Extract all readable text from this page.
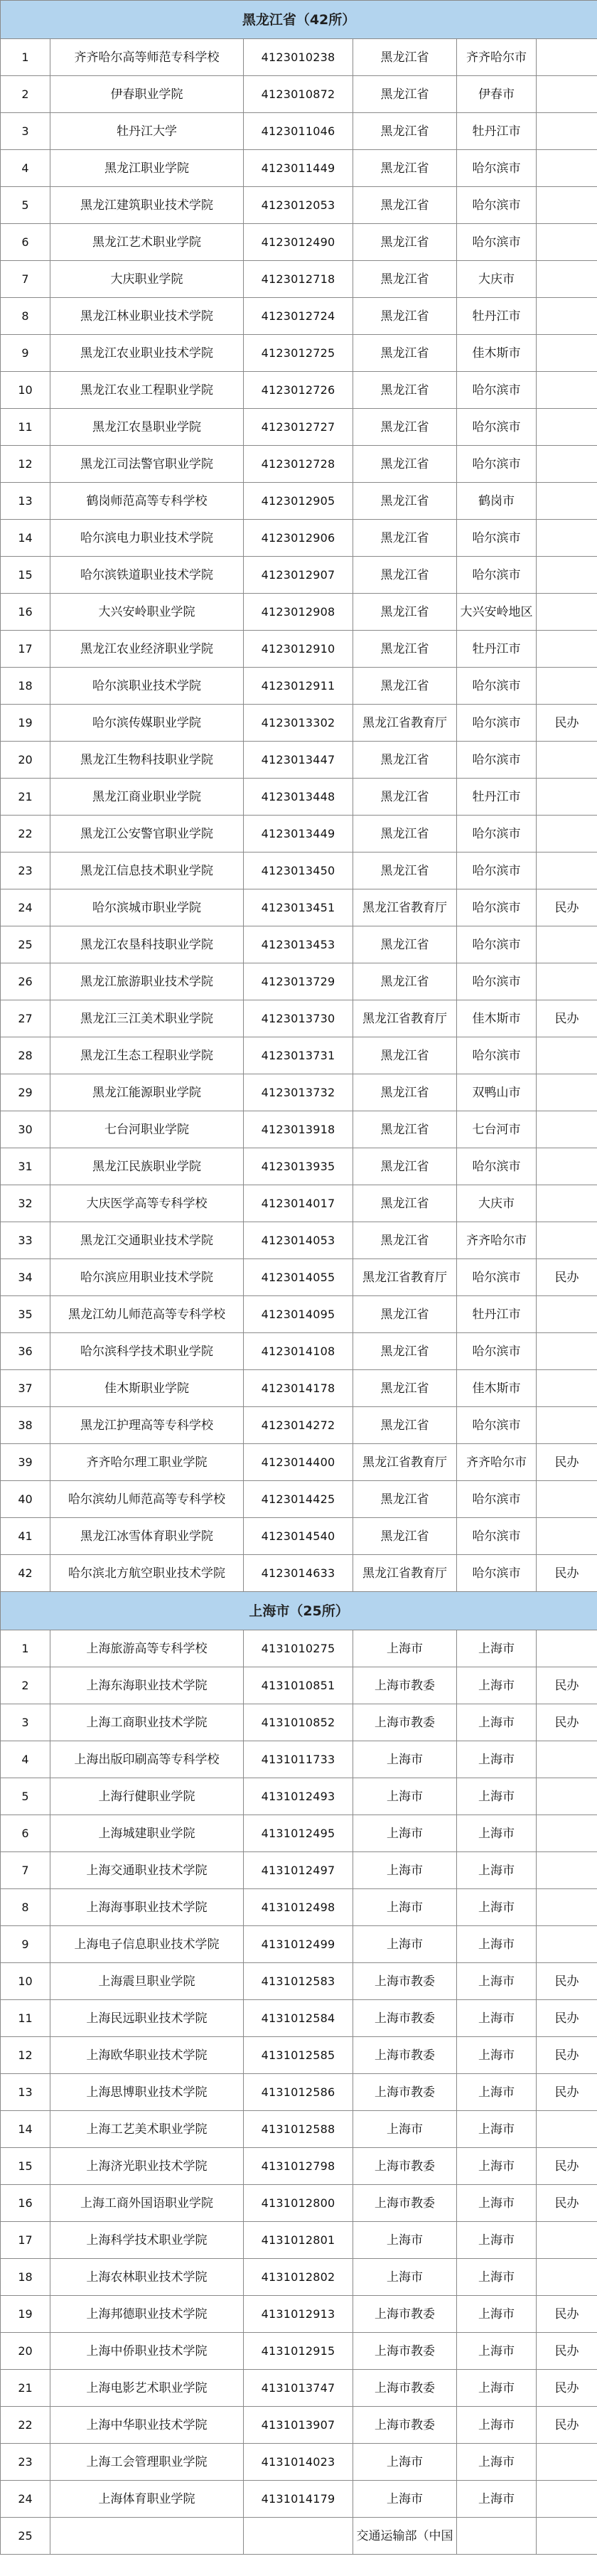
黑龙江省（42所）					
1	齐齐哈尔高等师范专科学校	4123010238	黑龙江省	齐齐哈尔市	
2	伊春职业学院	4123010872	黑龙江省	伊春市	
3	牡丹江大学	4123011046	黑龙江省	牡丹江市	
4	黑龙江职业学院	4123011449	黑龙江省	哈尔滨市	
5	黑龙江建筑职业技术学院	4123012053	黑龙江省	哈尔滨市	
6	黑龙江艺术职业学院	4123012490	黑龙江省	哈尔滨市	
7	大庆职业学院	4123012718	黑龙江省	大庆市	
8	黑龙江林业职业技术学院	4123012724	黑龙江省	牡丹江市	
9	黑龙江农业职业技术学院	4123012725	黑龙江省	佳木斯市	
10	黑龙江农业工程职业学院	4123012726	黑龙江省	哈尔滨市	
11	黑龙江农垦职业学院	4123012727	黑龙江省	哈尔滨市	
12	黑龙江司法警官职业学院	4123012728	黑龙江省	哈尔滨市	
13	鹤岗师范高等专科学校	4123012905	黑龙江省	鹤岗市	
14	哈尔滨电力职业技术学院	4123012906	黑龙江省	哈尔滨市	
15	哈尔滨铁道职业技术学院	4123012907	黑龙江省	哈尔滨市	
16	大兴安岭职业学院	4123012908	黑龙江省	大兴安岭地区	
17	黑龙江农业经济职业学院	4123012910	黑龙江省	牡丹江市	
18	哈尔滨职业技术学院	4123012911	黑龙江省	哈尔滨市	
19	哈尔滨传媒职业学院	4123013302	黑龙江省教育厅	哈尔滨市	民办
20	黑龙江生物科技职业学院	4123013447	黑龙江省	哈尔滨市	
21	黑龙江商业职业学院	4123013448	黑龙江省	牡丹江市	
22	黑龙江公安警官职业学院	4123013449	黑龙江省	哈尔滨市	
23	黑龙江信息技术职业学院	4123013450	黑龙江省	哈尔滨市	
24	哈尔滨城市职业学院	4123013451	黑龙江省教育厅	哈尔滨市	民办
25	黑龙江农垦科技职业学院	4123013453	黑龙江省	哈尔滨市	
26	黑龙江旅游职业技术学院	4123013729	黑龙江省	哈尔滨市	
27	黑龙江三江美术职业学院	4123013730	黑龙江省教育厅	佳木斯市	民办
28	黑龙江生态工程职业学院	4123013731	黑龙江省	哈尔滨市	
29	黑龙江能源职业学院	4123013732	黑龙江省	双鸭山市	
30	七台河职业学院	4123013918	黑龙江省	七台河市	
31	黑龙江民族职业学院	4123013935	黑龙江省	哈尔滨市	
32	大庆医学高等专科学校	4123014017	黑龙江省	大庆市	
33	黑龙江交通职业技术学院	4123014053	黑龙江省	齐齐哈尔市	
34	哈尔滨应用职业技术学院	4123014055	黑龙江省教育厅	哈尔滨市	民办
35	黑龙江幼儿师范高等专科学校	4123014095	黑龙江省	牡丹江市	
36	哈尔滨科学技术职业学院	4123014108	黑龙江省	哈尔滨市	
37	佳木斯职业学院	4123014178	黑龙江省	佳木斯市	
38	黑龙江护理高等专科学校	4123014272	黑龙江省	哈尔滨市	
39	齐齐哈尔理工职业学院	4123014400	黑龙江省教育厅	齐齐哈尔市	民办
40	哈尔滨幼儿师范高等专科学校	4123014425	黑龙江省	哈尔滨市	
41	黑龙江冰雪体育职业学院	4123014540	黑龙江省	哈尔滨市	
42	哈尔滨北方航空职业技术学院	4123014633	黑龙江省教育厅	哈尔滨市	民办
上海市（25所）					
1	上海旅游高等专科学校	4131010275	上海市	上海市	
2	上海东海职业技术学院	4131010851	上海市教委	上海市	民办
3	上海工商职业技术学院	4131010852	上海市教委	上海市	民办
4	上海出版印刷高等专科学校	4131011733	上海市	上海市	
5	上海行健职业学院	4131012493	上海市	上海市	
6	上海城建职业学院	4131012495	上海市	上海市	
7	上海交通职业技术学院	4131012497	上海市	上海市	
8	上海海事职业技术学院	4131012498	上海市	上海市	
9	上海电子信息职业技术学院	4131012499	上海市	上海市	
10	上海震旦职业学院	4131012583	上海市教委	上海市	民办
11	上海民远职业技术学院	4131012584	上海市教委	上海市	民办
12	上海欧华职业技术学院	4131012585	上海市教委	上海市	民办
13	上海思博职业技术学院	4131012586	上海市教委	上海市	民办
14	上海工艺美术职业学院	4131012588	上海市	上海市	
15	上海济光职业技术学院	4131012798	上海市教委	上海市	民办
16	上海工商外国语职业学院	4131012800	上海市教委	上海市	民办
17	上海科学技术职业学院	4131012801	上海市	上海市	
18	上海农林职业技术学院	4131012802	上海市	上海市	
19	上海邦德职业技术学院	4131012913	上海市教委	上海市	民办
20	上海中侨职业技术学院	4131012915	上海市教委	上海市	民办
21	上海电影艺术职业学院	4131013747	上海市教委	上海市	民办
22	上海中华职业技术学院	4131013907	上海市教委	上海市	民办
23	上海工会管理职业学院	4131014023	上海市	上海市	
24	上海体育职业学院	4131014179	上海市	上海市	
25			交通运输部（中国		
